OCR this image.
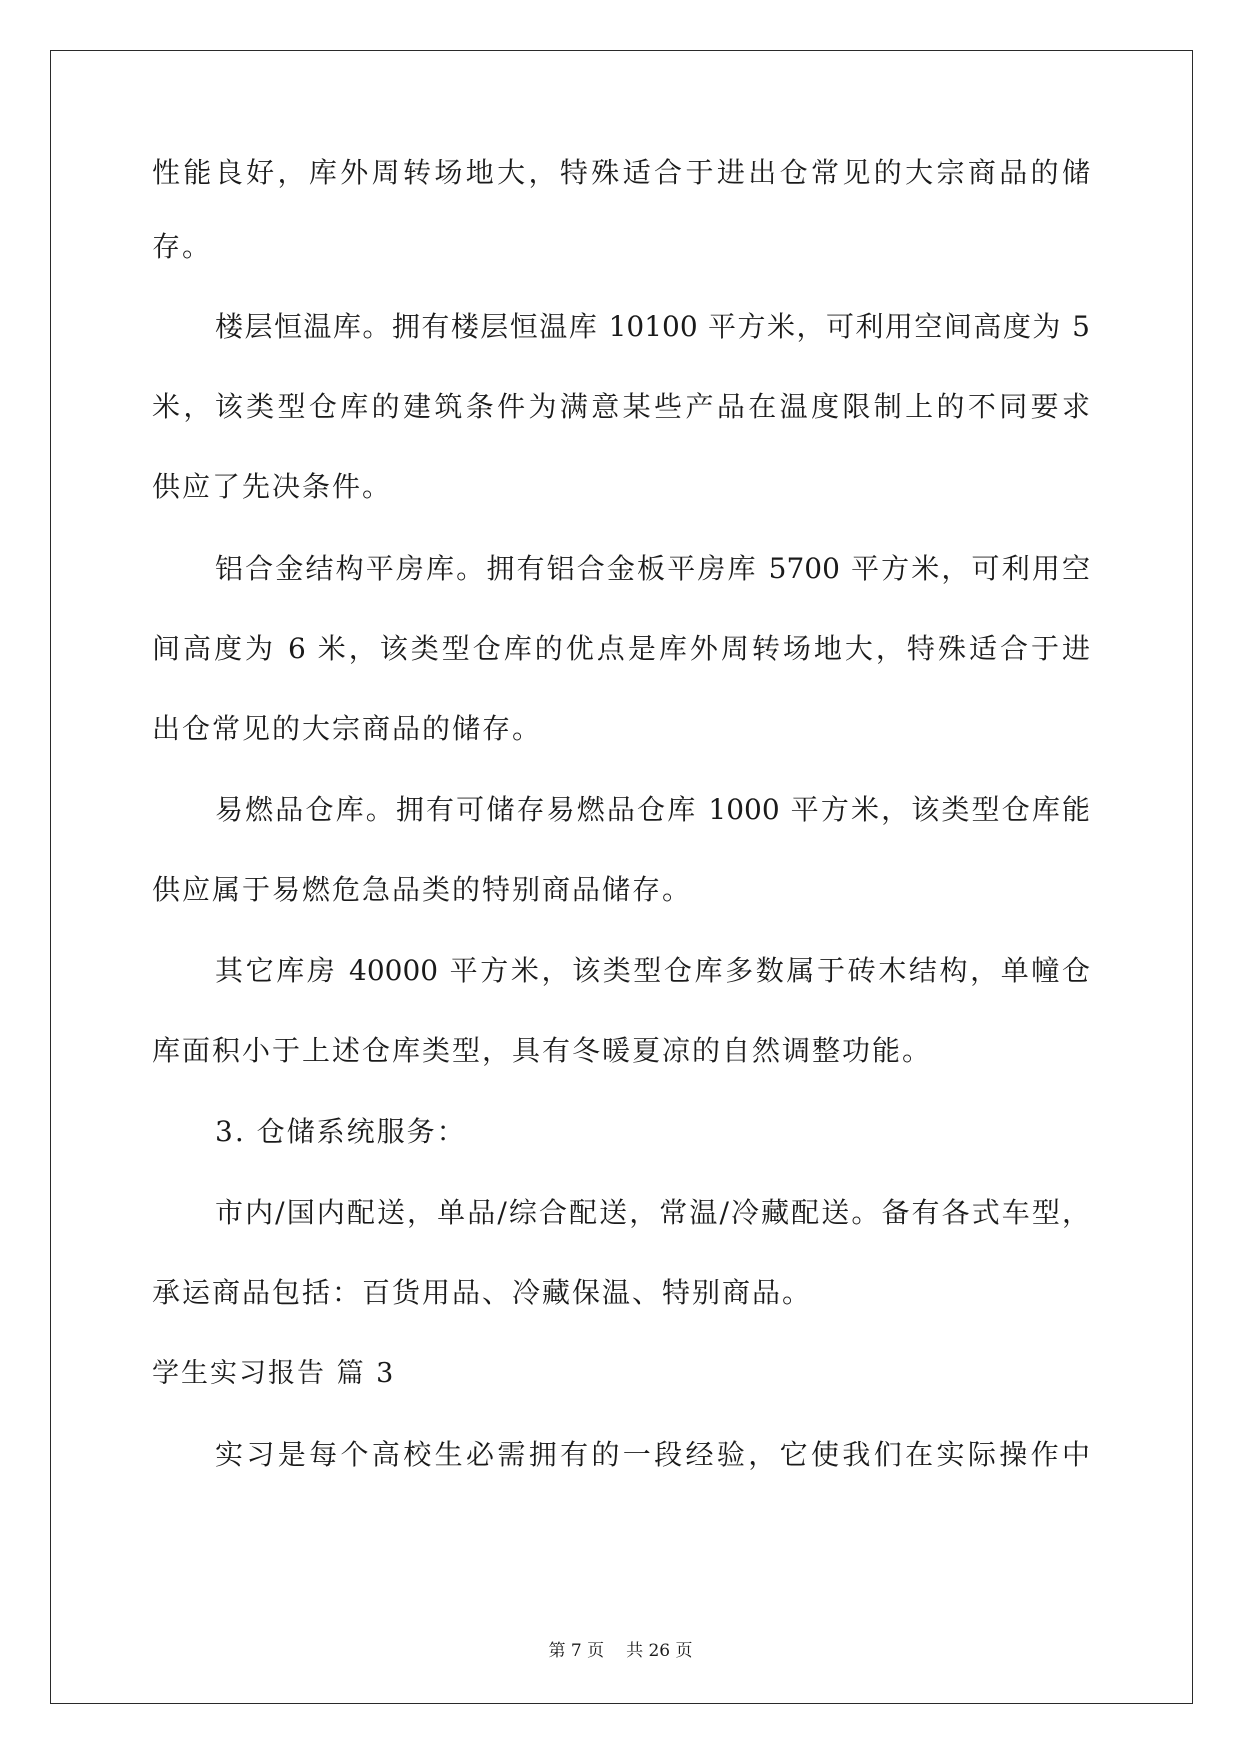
性能良好，库外周转场地大，特殊适合于进出仓常见的大宗商品的储
存。
楼层恒温库。拥有楼层恒温库 10100 平方米，可利用空间高度为 5
米，该类型仓库的建筑条件为满意某些产品在温度限制上的不同要求
供应了先决条件。
铝合金结构平房库。拥有铝合金板平房库 5700 平方米，可利用空
间高度为 6 米，该类型仓库的优点是库外周转场地大，特殊适合于进
出仓常见的大宗商品的储存。
易燃品仓库。拥有可储存易燃品仓库 1000 平方米，该类型仓库能
供应属于易燃危急品类的特别商品储存。
其它库房 40000 平方米，该类型仓库多数属于砖木结构，单幢仓
库面积小于上述仓库类型，具有冬暖夏凉的自然调整功能。
3. 仓储系统服务：
市内/国内配送，单品/综合配送，常温/冷藏配送。备有各式车型，
承运商品包括：百货用品、冷藏保温、特别商品。
学生实习报告 篇 3
实习是每个高校生必需拥有的一段经验，它使我们在实际操作中
第 7 页 共 26 页
